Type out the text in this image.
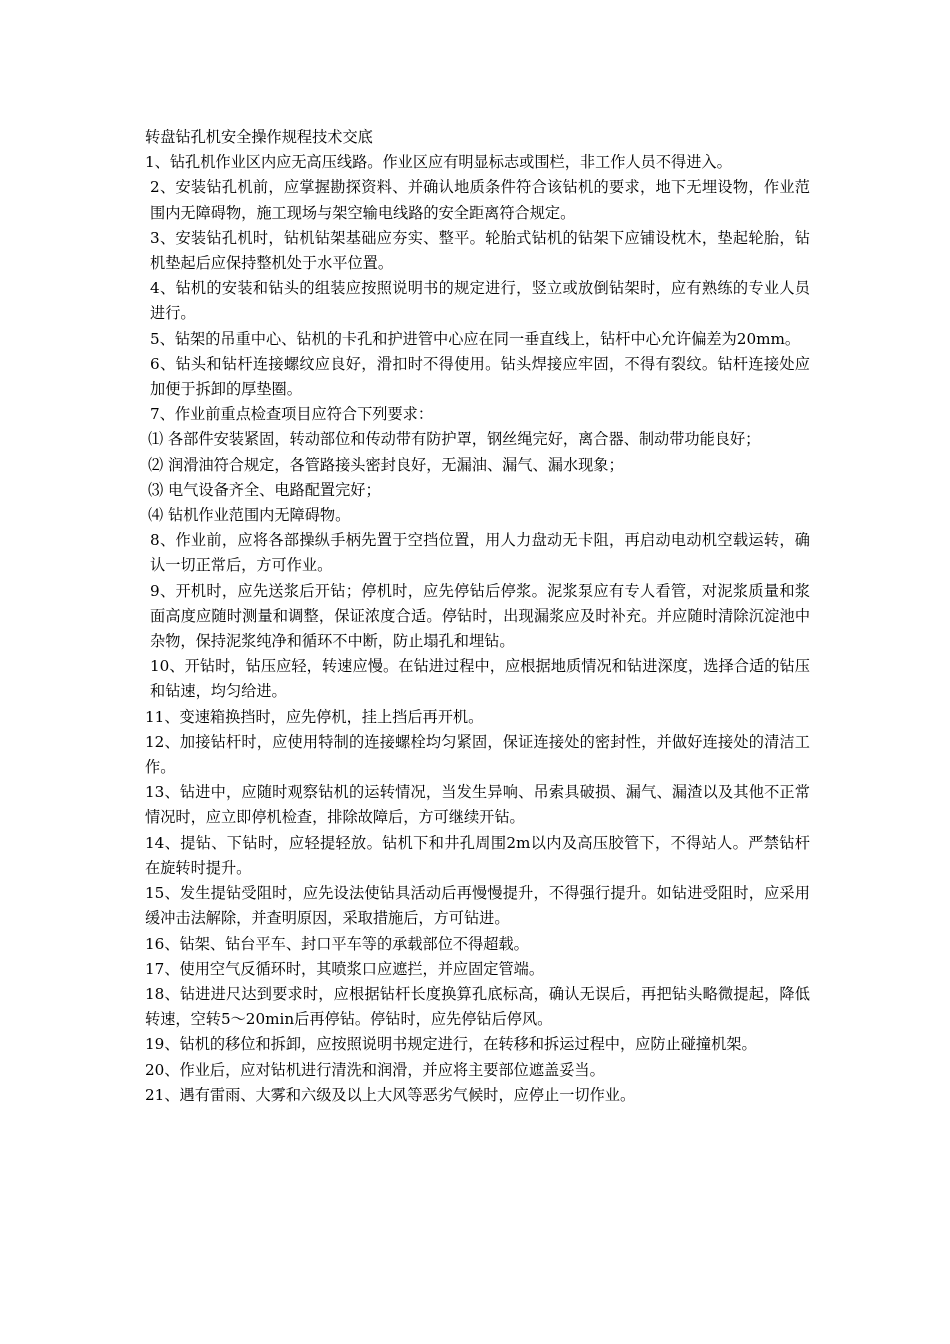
转盘钻孔机安全操作规程技术交底

1、钻孔机作业区内应无高压线路。作业区应有明显标志或围栏，非工作人员不得进入。

2、安装钻孔机前，应掌握勘探资料、并确认地质条件符合该钻机的要求，地下无埋设物，作业范围内无障碍物，施工现场与架空输电线路的安全距离符合规定。

3、安装钻孔机时，钻机钻架基础应夯实、整平。轮胎式钻机的钻架下应铺设枕木，垫起轮胎，钻机垫起后应保持整机处于水平位置。

4、钻机的安装和钻头的组装应按照说明书的规定进行，竖立或放倒钻架时，应有熟练的专业人员进行。

5、钻架的吊重中心、钻机的卡孔和护进管中心应在同一垂直线上，钻杆中心允许偏差为20mm。

6、钻头和钻杆连接螺纹应良好，滑扣时不得使用。钻头焊接应牢固，不得有裂纹。钻杆连接处应加便于拆卸的厚垫圈。

7、作业前重点检查项目应符合下列要求：

⑴ 各部件安装紧固，转动部位和传动带有防护罩，钢丝绳完好，离合器、制动带功能良好；

⑵ 润滑油符合规定，各管路接头密封良好，无漏油、漏气、漏水现象；

⑶ 电气设备齐全、电路配置完好；

⑷ 钻机作业范围内无障碍物。

8、作业前，应将各部操纵手柄先置于空挡位置，用人力盘动无卡阻，再启动电动机空载运转，确认一切正常后，方可作业。

9、开机时，应先送浆后开钻；停机时，应先停钻后停浆。泥浆泵应有专人看管，对泥浆质量和浆面高度应随时测量和调整，保证浓度合适。停钻时，出现漏浆应及时补充。并应随时清除沉淀池中杂物，保持泥浆纯净和循环不中断，防止塌孔和埋钻。

10、开钻时，钻压应轻，转速应慢。在钻进过程中，应根据地质情况和钻进深度，选择合适的钻压和钻速，均匀给进。

11、变速箱换挡时，应先停机，挂上挡后再开机。

12、加接钻杆时，应使用特制的连接螺栓均匀紧固，保证连接处的密封性，并做好连接处的清洁工作。

13、钻进中，应随时观察钻机的运转情况，当发生异响、吊索具破损、漏气、漏渣以及其他不正常情况时，应立即停机检查，排除故障后，方可继续开钻。

14、提钻、下钻时，应轻提轻放。钻机下和井孔周围2m以内及高压胶管下，不得站人。严禁钻杆在旋转时提升。

15、发生提钻受阻时，应先设法使钻具活动后再慢慢提升，不得强行提升。如钻进受阻时，应采用缓冲击法解除，并查明原因，采取措施后，方可钻进。

16、钻架、钻台平车、封口平车等的承载部位不得超载。

17、使用空气反循环时，其喷浆口应遮拦，并应固定管端。

18、钻进进尺达到要求时，应根据钻杆长度换算孔底标高，确认无误后，再把钻头略微提起，降低转速，空转5～20min后再停钻。停钻时，应先停钻后停风。

19、钻机的移位和拆卸，应按照说明书规定进行，在转移和拆运过程中，应防止碰撞机架。

20、作业后，应对钻机进行清洗和润滑，并应将主要部位遮盖妥当。

21、遇有雷雨、大雾和六级及以上大风等恶劣气候时，应停止一切作业。
